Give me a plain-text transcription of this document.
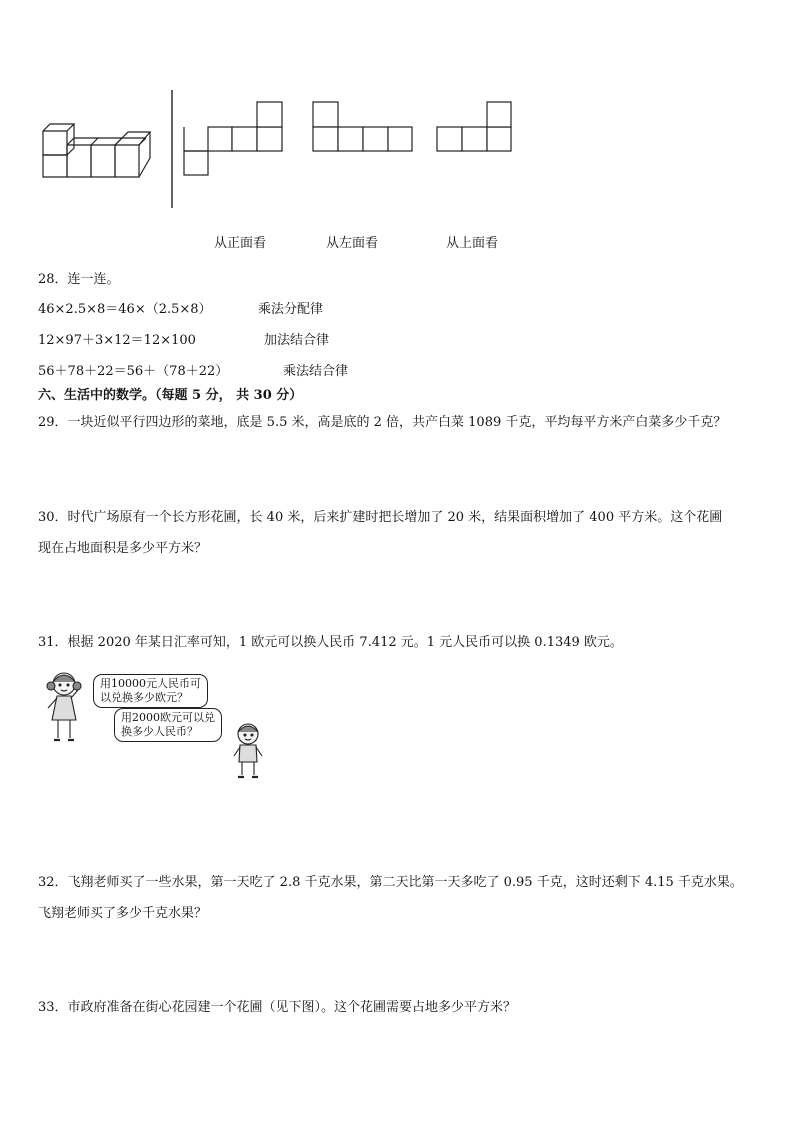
从正面看	从左面看	从上面看
28．连一连。
46×2.5×8＝46×（2.5×8）	乘法分配律
12×97＋3×12＝12×100	加法结合律
56＋78＋22＝56＋（78＋22）	乘法结合律
六、生活中的数学。（每题 5 分， 共 30 分）
29．一块近似平行四边形的菜地，底是 5.5 米，高是底的 2 倍，共产白菜 1089 千克，平均每平方米产白菜多少千克？
30．时代广场原有一个长方形花圃，长 40 米，后来扩建时把长增加了 20 米，结果面积增加了 400 平方米。这个花圃
现在占地面积是多少平方米？
31．根据 2020 年某日汇率可知，1 欧元可以换人民币 7.412 元。1 元人民币可以换 0.1349 欧元。
用10000元人民币可
以兑换多少欧元？
用2000欧元可以兑
换多少人民币？
32．飞翔老师买了一些水果，第一天吃了 2.8 千克水果，第二天比第一天多吃了 0.95 千克，这时还剩下 4.15 千克水果。
飞翔老师买了多少千克水果？
33．市政府准备在街心花园建一个花圃（见下图）。这个花圃需要占地多少平方米？
